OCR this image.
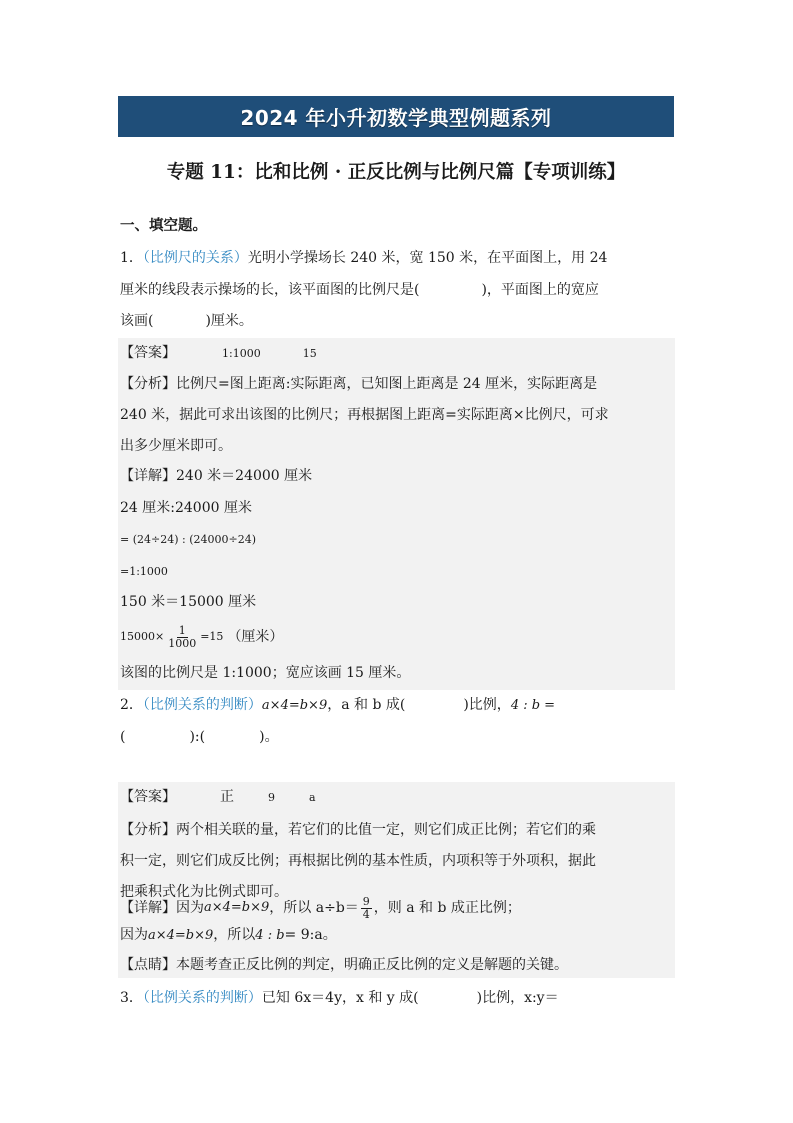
2024 年小升初数学典型例题系列
专题 11：比和比例 · 正反比例与比例尺篇【专项训练】
一、填空题。
1．（比例尺的关系）光明小学操场长 240 米，宽 150 米，在平面图上，用 24
厘米的线段表示操场的长，该平面图的比例尺是(	)，平面图上的宽应
该画(	)厘米。
【答案】	1:1000	15
【分析】比例尺=图上距离:实际距离，已知图上距离是 24 厘米，实际距离是
240 米，据此可求出该图的比例尺；再根据图上距离=实际距离×比例尺，可求
出多少厘米即可。
【详解】240 米＝24000 厘米
24 厘米:24000 厘米
= (24÷24) : (24000÷24)
=1:1000
150 米＝15000 厘米
$15000\times \frac{1}{1000} =15$ （厘米）
该图的比例尺是 1:1000；宽应该画 15 厘米。
2．（比例关系的判断）a×4=b×9，a 和 b 成(	)比例，4 : b =
(	):(	)。
【答案】	正	9	a
【分析】两个相关联的量，若它们的比值一定，则它们成正比例；若它们的乘
积一定，则它们成反比例；再根据比例的基本性质，内项积等于外项积，据此
把乘积式化为比例式即可。
【详解】 因为 a×4=b×9 ，所以 $a\div b= \frac{9}{4}$ ，则 a 和 b 成正比例；
因为a×4=b×9，所以4 : b= 9:a。
【点睛】本题考查正反比例的判定，明确正反比例的定义是解题的关键。
3．（比例关系的判断）已知 6x＝4y，x 和 y 成(	)比例，x:y＝
